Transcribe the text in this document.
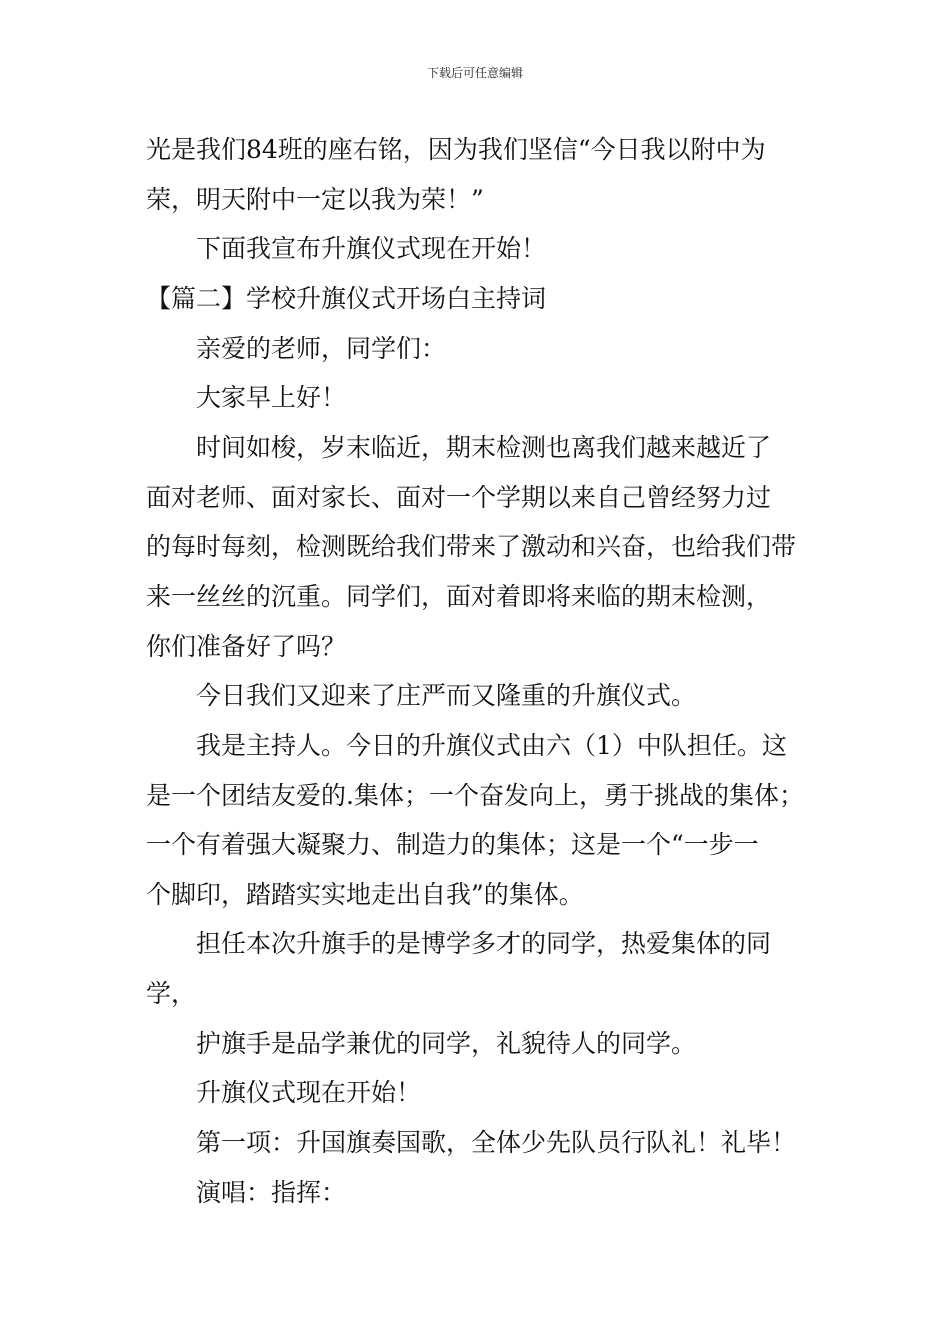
下载后可任意编辑
光是我们84班的座右铭，因为我们坚信“今日我以附中为
荣，明天附中一定以我为荣！”
下面我宣布升旗仪式现在开始！
【篇二】学校升旗仪式开场白主持词
亲爱的老师，同学们：
大家早上好！
时间如梭，岁末临近，期末检测也离我们越来越近了
面对老师、面对家长、面对一个学期以来自己曾经努力过
的每时每刻，检测既给我们带来了激动和兴奋，也给我们带
来一丝丝的沉重。同学们，面对着即将来临的期末检测，
你们准备好了吗？
今日我们又迎来了庄严而又隆重的升旗仪式。
我是主持人。今日的升旗仪式由六（1）中队担任。这
是一个团结友爱的.集体；一个奋发向上，勇于挑战的集体；
一个有着强大凝聚力、制造力的集体；这是一个“一步一
个脚印，踏踏实实地走出自我”的集体。
担任本次升旗手的是博学多才的同学，热爱集体的同
学，
护旗手是品学兼优的同学，礼貌待人的同学。
升旗仪式现在开始！
第一项：升国旗奏国歌，全体少先队员行队礼！礼毕！
演唱：指挥：
